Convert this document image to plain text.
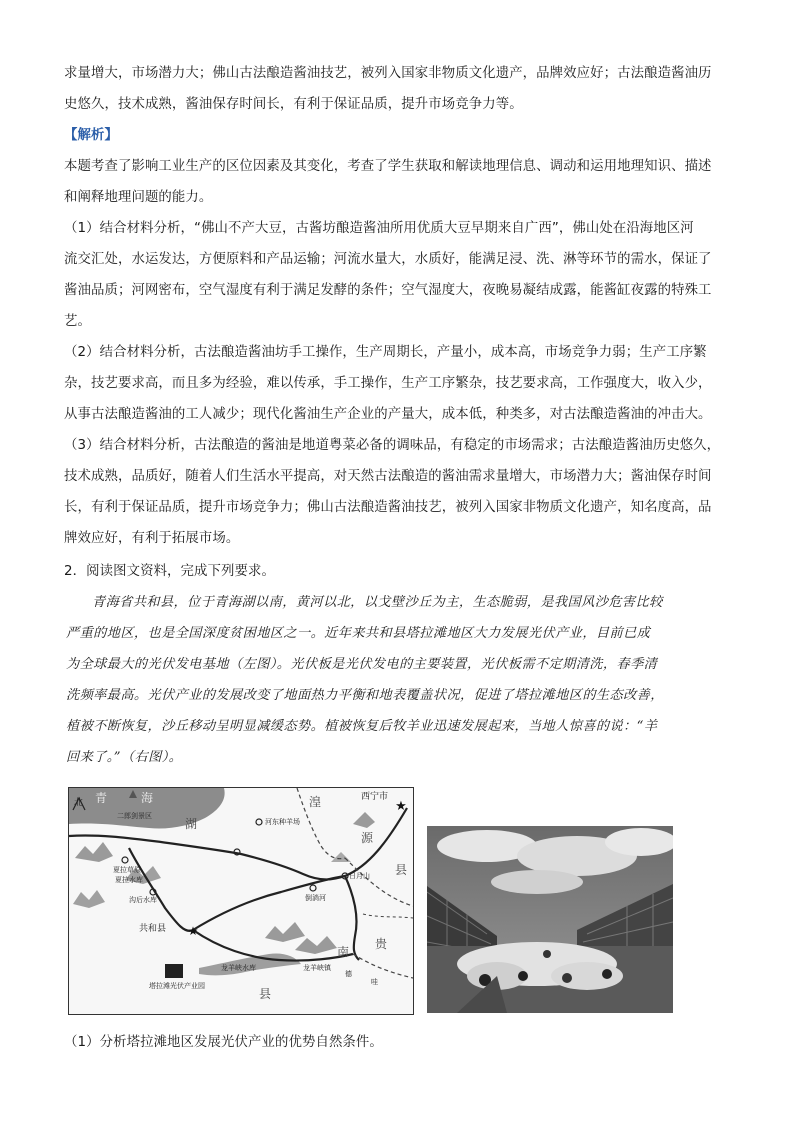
求量增大，市场潜力大；佛山古法酿造酱油技艺，被列入国家非物质文化遗产，品牌效应好；古法酿造酱油历
史悠久，技术成熟，酱油保存时间长，有利于保证品质，提升市场竞争力等。
【解析】
本题考查了影响工业生产的区位因素及其变化，考查了学生获取和解读地理信息、调动和运用地理知识、描述
和阐释地理问题的能力。
（1）结合材料分析，“佛山不产大豆，古酱坊酿造酱油所用优质大豆早期来自广西”，佛山处在沿海地区河
流交汇处，水运发达，方便原料和产品运输；河流水量大，水质好，能满足浸、洗、淋等环节的需水，保证了
酱油品质；河网密布，空气湿度有利于满足发酵的条件；空气湿度大，夜晚易凝结成露，能酱缸夜露的特殊工
艺。
（2）结合材料分析，古法酿造酱油坊手工操作，生产周期长，产量小，成本高，市场竞争力弱；生产工序繁
杂，技艺要求高，而且多为经验，难以传承，手工操作，生产工序繁杂，技艺要求高，工作强度大，收入少，
从事古法酿造酱油的工人减少；现代化酱油生产企业的产量大，成本低，种类多，对古法酿造酱油的冲击大。
（3）结合材料分析，古法酿造的酱油是地道粤菜必备的调味品，有稳定的市场需求；古法酿造酱油历史悠久，
技术成熟，品质好，随着人们生活水平提高，对天然古法酿造的酱油需求量增大，市场潜力大；酱油保存时间
长，有利于保证品质，提升市场竞争力；佛山古法酿造酱油技艺，被列入国家非物质文化遗产，知名度高，品
牌效应好，有利于拓展市场。
2．阅读图文资料，完成下列要求。
青海省共和县，位于青海湖以南，黄河以北，以戈壁沙丘为主，生态脆弱，是我国风沙危害比较
严重的地区，也是全国深度贫困地区之一。近年来共和县塔拉滩地区大力发展光伏产业，目前已成
为全球最大的光伏发电基地（左图）。光伏板是光伏发电的主要装置，光伏板需不定期清洗，春季清
洗频率最高。光伏产业的发展改变了地面热力平衡和地表覆盖状况，促进了塔拉滩地区的生态改善，
植被不断恢复，沙丘移动呈明显减缓态势。植被恢复后牧羊业迅速发展起来，当地人惊喜的说：“羊
回来了。”（右图）。
★
★
北 青	海
湖
二郎剑景区
河东种羊场
湟
源
西宁市
县
夏拉草原
夏拉水库
沟后水库
日月山
倒淌河
共和县
塔拉滩光伏产业园
龙羊峡水库	龙羊峡镇
南
贵
县
德
哇
（1）分析塔拉滩地区发展光伏产业的优势自然条件。
